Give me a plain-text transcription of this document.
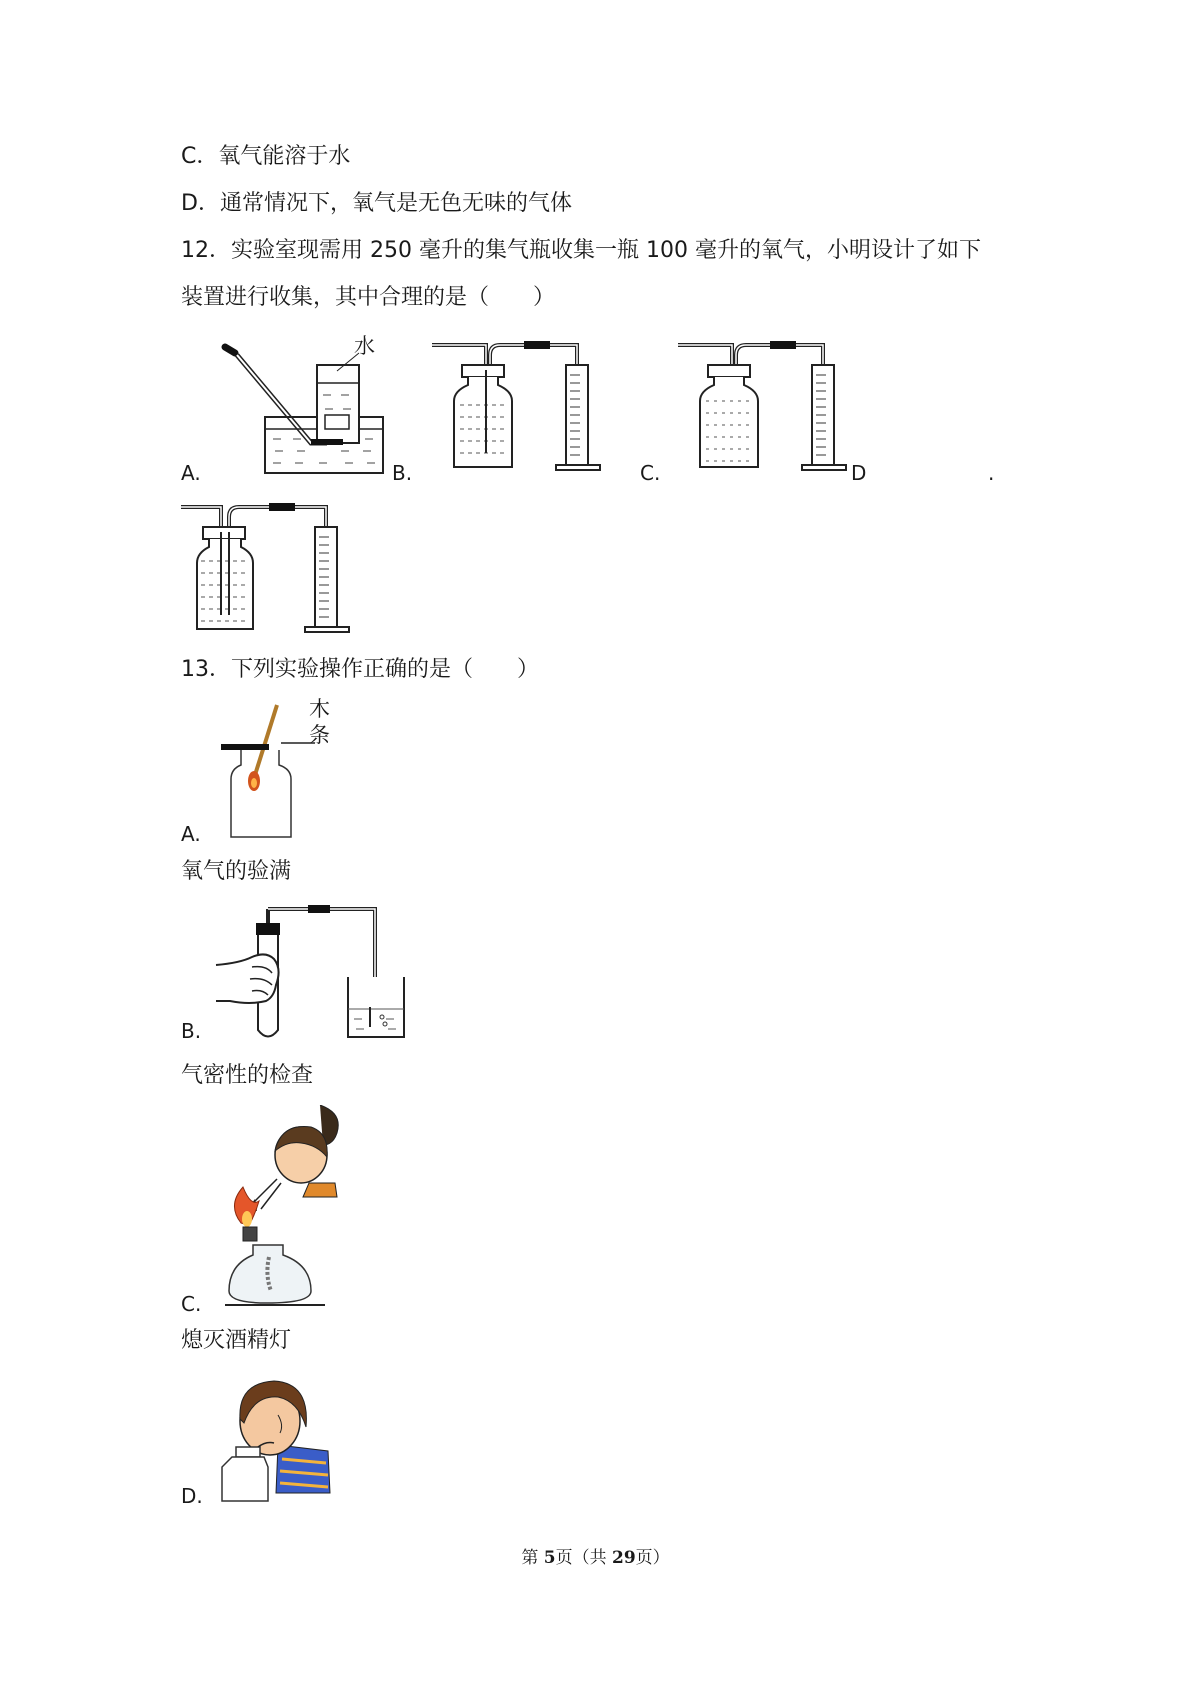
C．氧气能溶于水
D．通常情况下，氧气是无色无味的气体
12．实验室现需用 250 毫升的集气瓶收集一瓶 100 毫升的氧气，小明设计了如下
装置进行收集，其中合理的是（　　）
水
A.	B.	C.	D	.
13．下列实验操作正确的是（　　）
木
条
A.
氧气的验满
B.
气密性的检查
C.
熄灭酒精灯
D.
第 5页（共 29页）
